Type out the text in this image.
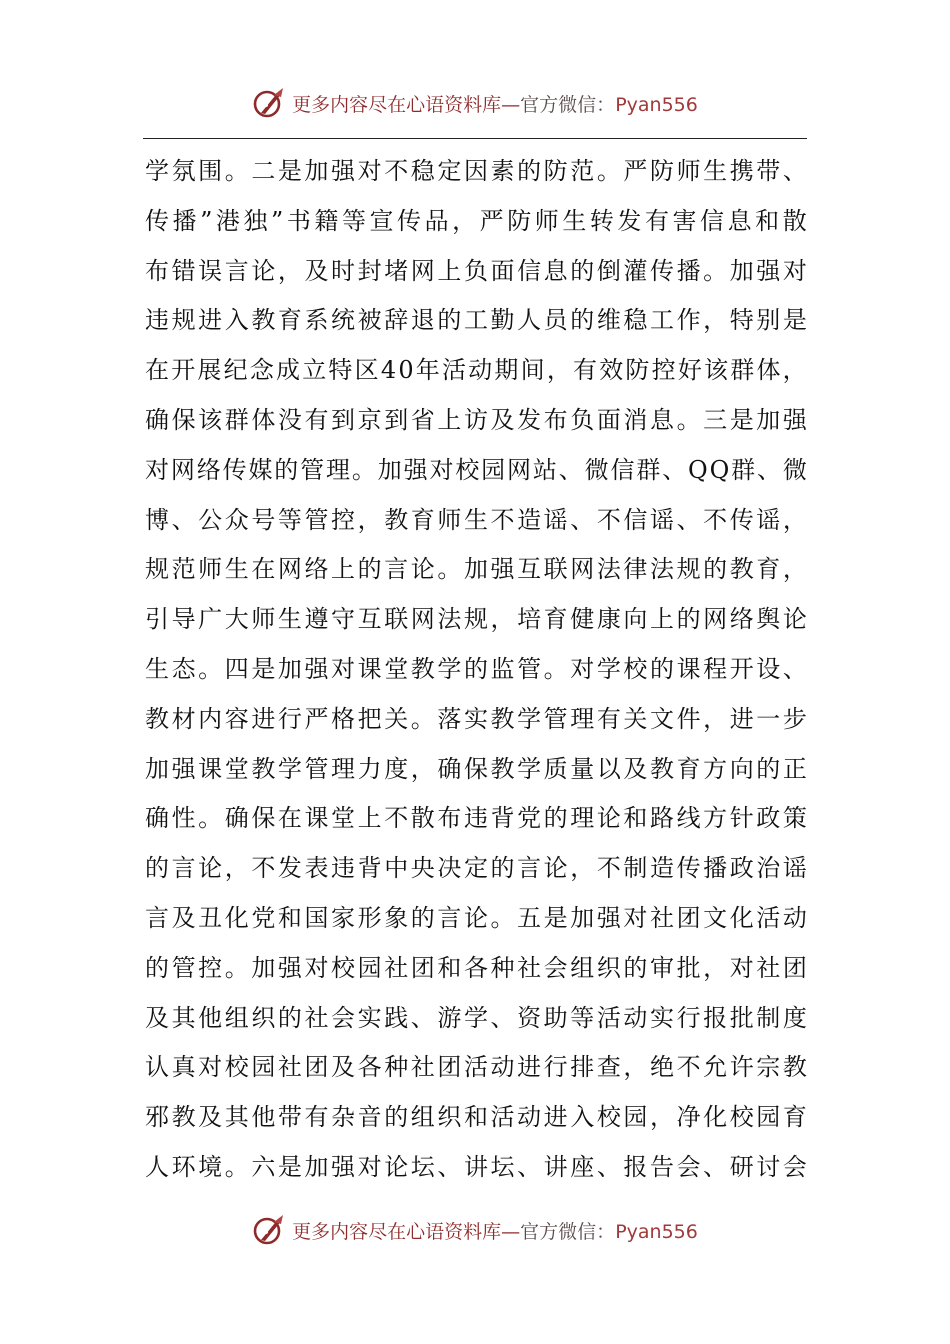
更多内容尽在心语资料库—官方微信：Pyan556
学 氛 围 。 二 是 加 强 对 不 稳 定 因 素 的 防 范 。 严 防 师 生 携 带 、
传 播 ” 港 独 ” 书 籍 等 宣 传 品 ， 严 防 师 生 转 发 有 害 信 息 和 散
布 错 误 言 论 ， 及 时 封 堵 网 上 负 面 信 息 的 倒 灌 传 播 。 加 强 对
违 规 进 入 教 育 系 统 被 辞 退 的 工 勤 人 员 的 维 稳 工 作 ， 特 别 是
在 开 展 纪 念 成 立 特 区 4 0 年 活 动 期 间 ， 有 效 防 控 好 该 群 体 ，
确 保 该 群 体 没 有 到 京 到 省 上 访 及 发 布 负 面 消 息 。 三 是 加 强
对 网 络 传 媒 的 管 理 。 加 强 对 校 园 网 站 、 微 信 群 、 Q Q 群 、 微
博 、 公 众 号 等 管 控 ， 教 育 师 生 不 造 谣 、 不 信 谣 、 不 传 谣 ，
规 范 师 生 在 网 络 上 的 言 论 。 加 强 互 联 网 法 律 法 规 的 教 育 ，
引 导 广 大 师 生 遵 守 互 联 网 法 规 ， 培 育 健 康 向 上 的 网 络 舆 论
生 态 。 四 是 加 强 对 课 堂 教 学 的 监 管 。 对 学 校 的 课 程 开 设 、
教 材 内 容 进 行 严 格 把 关 。 落 实 教 学 管 理 有 关 文 件 ， 进 一 步
加 强 课 堂 教 学 管 理 力 度 ， 确 保 教 学 质 量 以 及 教 育 方 向 的 正
确 性 。 确 保 在 课 堂 上 不 散 布 违 背 党 的 理 论 和 路 线 方 针 政 策
的 言 论 ， 不 发 表 违 背 中 央 决 定 的 言 论 ， 不 制 造 传 播 政 治 谣
言 及 丑 化 党 和 国 家 形 象 的 言 论 。 五 是 加 强 对 社 团 文 化 活 动
的 管 控 。 加 强 对 校 园 社 团 和 各 种 社 会 组 织 的 审 批 ， 对 社 团
及 其 他 组 织 的 社 会 实 践 、 游 学 、 资 助 等 活 动 实 行 报 批 制 度
认 真 对 校 园 社 团 及 各 种 社 团 活 动 进 行 排 查 ， 绝 不 允 许 宗 教
邪 教 及 其 他 带 有 杂 音 的 组 织 和 活 动 进 入 校 园 ， 净 化 校 园 育
人 环 境 。 六 是 加 强 对 论 坛 、 讲 坛 、 讲 座 、 报 告 会 、 研 讨 会
更多内容尽在心语资料库—官方微信：Pyan556
